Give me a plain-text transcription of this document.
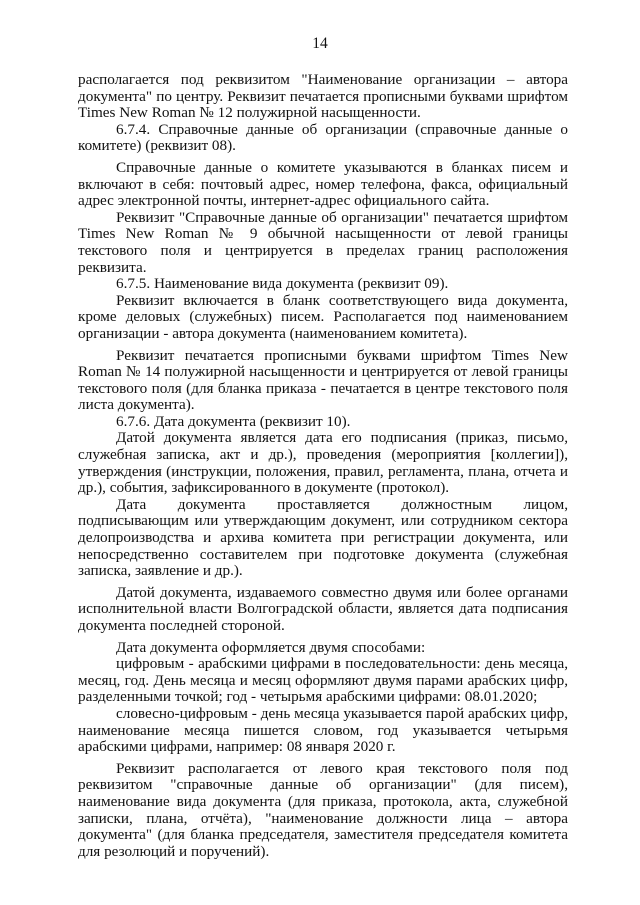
14

располагается под реквизитом "Наименование организации – автора документа" по центру. Реквизит печатается прописными буквами шрифтом Times New Roman № 12 полужирной насыщенности.

6.7.4. Справочные данные об организации (справочные данные о комитете) (реквизит 08).

Справочные данные о комитете указываются в бланках писем и включают в себя: почтовый адрес, номер телефона, факса, официальный адрес электронной почты, интернет-адрес официального сайта.

Реквизит "Справочные данные об организации" печатается шрифтом Times New Roman № 9 обычной насыщенности от левой границы текстового поля и центрируется в пределах границ расположения реквизита.

6.7.5. Наименование вида документа (реквизит 09).

Реквизит включается в бланк соответствующего вида документа, кроме деловых (служебных) писем. Располагается под наименованием организации - автора документа (наименованием комитета).

Реквизит печатается прописными буквами шрифтом Times New Roman № 14 полужирной насыщенности и центрируется от левой границы текстового поля (для бланка приказа - печатается в центре текстового поля листа документа).

6.7.6. Дата документа (реквизит 10).

Датой документа является дата его подписания (приказ, письмо, служебная записка, акт и др.), проведения (мероприятия [коллегии]), утверждения (инструкции, положения, правил, регламента, плана, отчета и др.), события, зафиксированного в документе (протокол).

Дата документа проставляется должностным лицом, подписывающим или утверждающим документ, или сотрудником сектора делопроизводства и архива комитета при регистрации документа, или непосредственно составителем при подготовке документа (служебная записка, заявление и др.).

Датой документа, издаваемого совместно двумя или более органами исполнительной власти Волгоградской области, является дата подписания документа последней стороной.

Дата документа оформляется двумя способами:

цифровым - арабскими цифрами в последовательности: день месяца, месяц, год. День месяца и месяц оформляют двумя парами арабских цифр, разделенными точкой; год - четырьмя арабскими цифрами: 08.01.2020;

словесно-цифровым - день месяца указывается парой арабских цифр, наименование месяца пишется словом, год указывается четырьмя арабскими цифрами, например: 08 января 2020 г.

Реквизит располагается от левого края текстового поля под реквизитом "справочные данные об организации" (для писем), наименование вида документа (для приказа, протокола, акта, служебной записки, плана, отчёта), "наименование должности лица – автора документа" (для бланка председателя, заместителя председателя комитета для резолюций и поручений).
